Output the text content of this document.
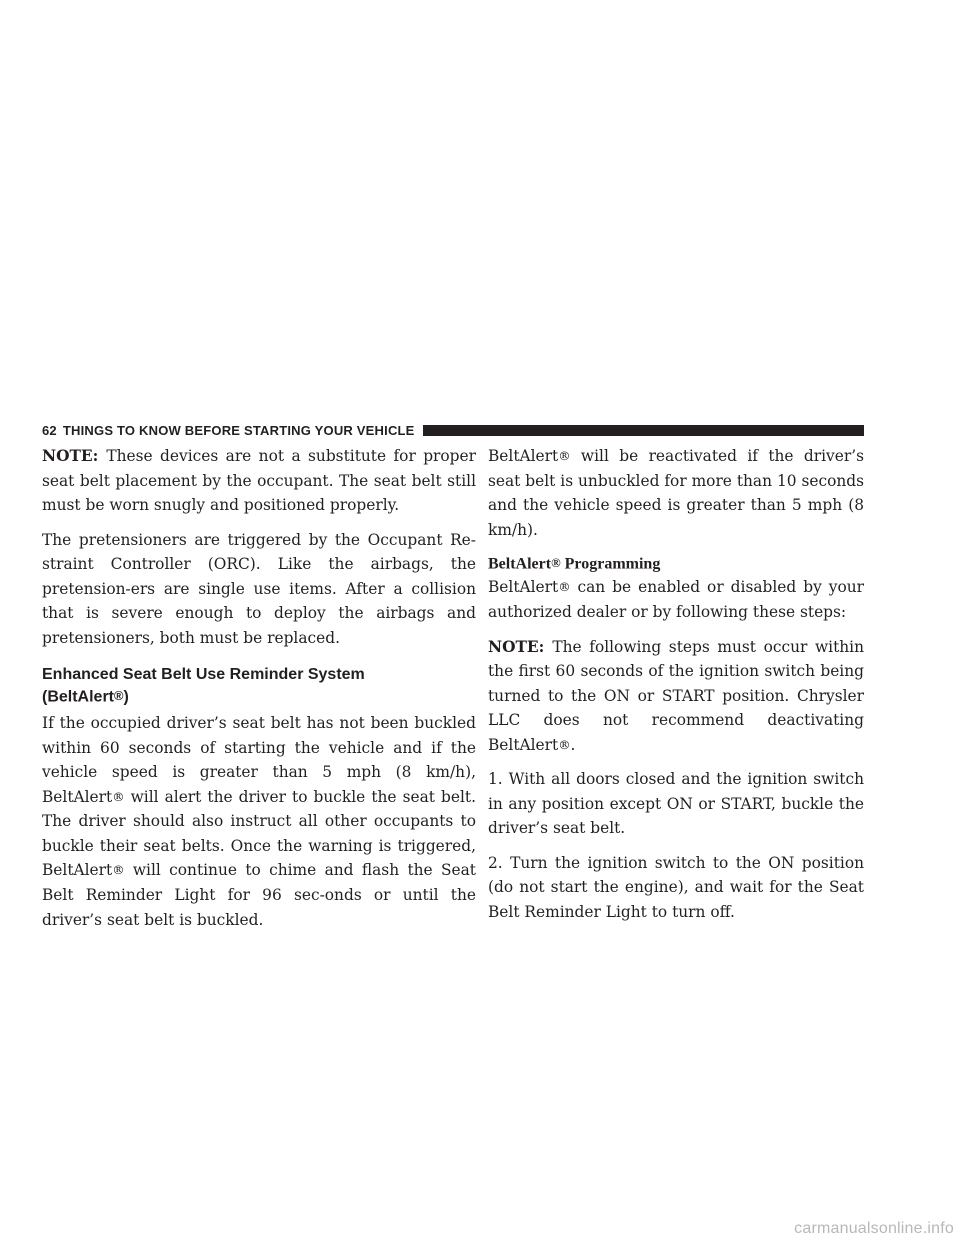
62 THINGS TO KNOW BEFORE STARTING YOUR VEHICLE

NOTE: These devices are not a substitute for proper seat belt placement by the occupant. The seat belt still must be worn snugly and positioned properly.

The pretensioners are triggered by the Occupant Re-straint Controller (ORC). Like the airbags, the pretension-ers are single use items. After a collision that is severe enough to deploy the airbags and pretensioners, both must be replaced.

Enhanced Seat Belt Use Reminder System
(BeltAlert®)

If the occupied driver’s seat belt has not been buckled within 60 seconds of starting the vehicle and if the vehicle speed is greater than 5 mph (8 km/h), BeltAlert® will alert the driver to buckle the seat belt. The driver should also instruct all other occupants to buckle their seat belts. Once the warning is triggered, BeltAlert® will continue to chime and flash the Seat Belt Reminder Light for 96 sec-onds or until the driver’s seat belt is buckled.

BeltAlert® will be reactivated if the driver’s seat belt is unbuckled for more than 10 seconds and the vehicle speed is greater than 5 mph (8 km/h).

BeltAlert® Programming

BeltAlert® can be enabled or disabled by your authorized dealer or by following these steps:

NOTE: The following steps must occur within the first 60 seconds of the ignition switch being turned to the ON or START position. Chrysler LLC does not recommend deactivating BeltAlert®.

1. With all doors closed and the ignition switch in any position except ON or START, buckle the driver’s seat belt.

2. Turn the ignition switch to the ON position (do not start the engine), and wait for the Seat Belt Reminder Light to turn off.

carmanualsonline.info
